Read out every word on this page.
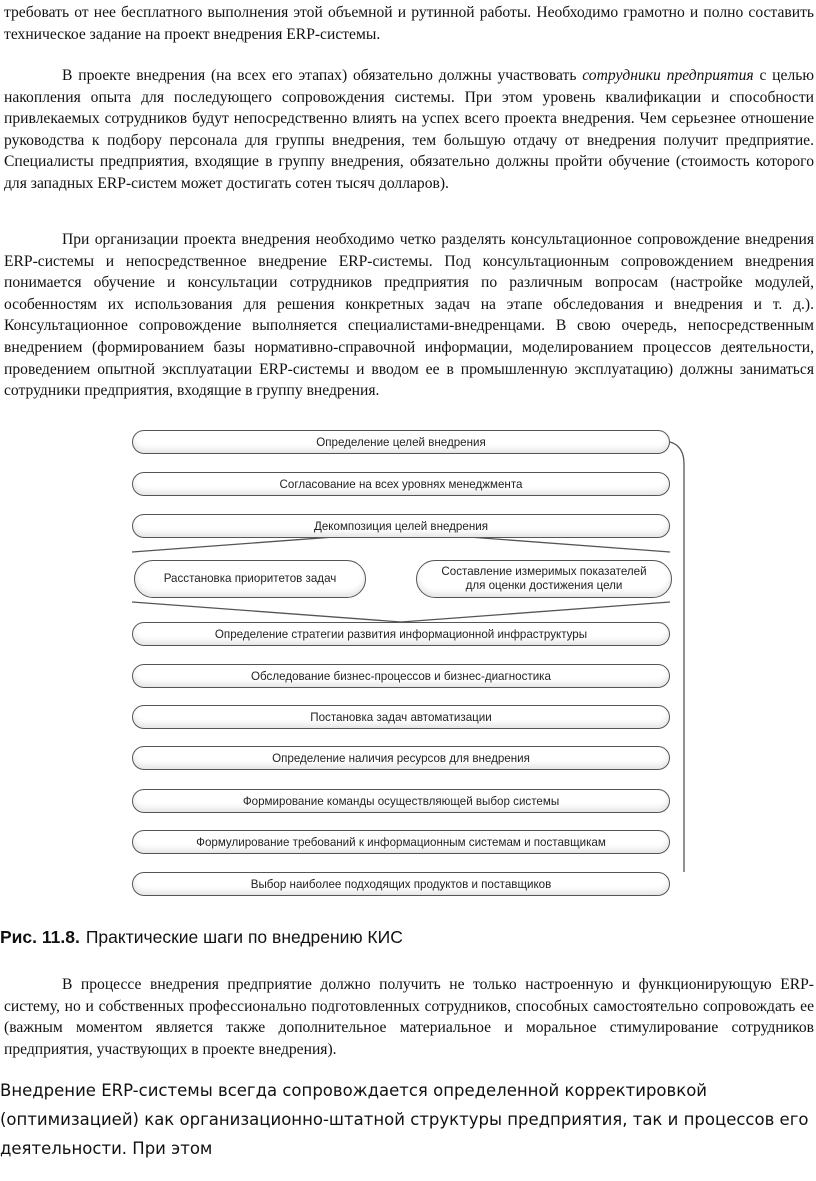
требовать от нее бесплатного выполнения этой объемной и рутинной работы. Необходимо грамотно и полно составить техническое задание на проект внедрения ERP-системы.

В проекте внедрения (на всех его этапах) обязательно должны участвовать сотрудники предприятия с целью накопления опыта для последующего сопровождения системы. При этом уровень квалификации и способности привлекаемых сотрудников будут непосредственно влиять на успех всего проекта внедрения. Чем серьезнее отношение руководства к подбору персонала для группы внедрения, тем большую отдачу от внедрения получит предприятие. Специалисты предприятия, входящие в группу внедрения, обязательно должны пройти обучение (стоимость которого для западных ERP-систем может достигать сотен тысяч долларов).

При организации проекта внедрения необходимо четко разделять консультационное сопровождение внедрения ERP-системы и непосредственное внедрение ERP-системы. Под консультационным сопровождением внедрения понимается обучение и консультации сотрудников предприятия по различным вопросам (настройке модулей, особенностям их использования для решения конкретных задач на этапе обследования и внедрения и т. д.). Консультационное сопровождение выполняется специалистами-внедренцами. В свою очередь, непосредственным внедрением (формированием базы нормативно-справочной информации, моделированием процессов деятельности, проведением опытной эксплуатации ERP-системы и вводом ее в промышленную эксплуатацию) должны заниматься сотрудники предприятия, входящие в группу внедрения.

Определение целей внедрения
Согласование на всех уровнях менеджмента
Декомпозиция целей внедрения
Расстановка приоритетов задач
Составление измеримых показателей
для оценки достижения цели
Определение стратегии развития информационной инфраструктуры
Обследование бизнес-процессов и бизнес-диагностика
Постановка задач автоматизации
Определение наличия ресурсов для внедрения
Формирование команды осуществляющей выбор системы
Формулирование требований к информационным системам и поставщикам
Выбор наиболее подходящих продуктов и поставщиков
Рис. 11.8. Практические шаги по внедрению КИС

В процессе внедрения предприятие должно получить не только настроенную и функционирующую ERP-систему, но и собственных профессионально подготовленных сотрудников, способных самостоятельно сопровождать ее (важным моментом является также дополнительное материальное и моральное стимулирование сотрудников предприятия, участвующих в проекте внедрения).

Внедрение ERP-системы всегда сопровождается определенной корректировкой (оптимизацией) как организационно-штатной структуры предприятия, так и процессов его деятельности. При этом
